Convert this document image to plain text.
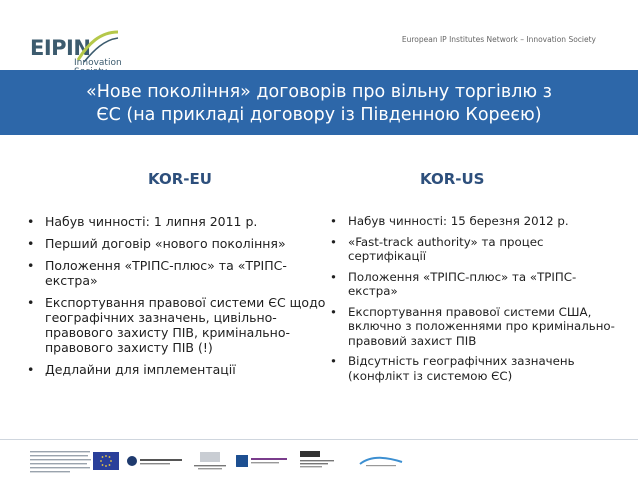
EIPIN
Innovation
European IP Institutes Network – Innovation Society
«Нове покоління» договорів про вільну торгівлю з
ЄС (на прикладі договору із Південною Кореєю)
KOR-EU	KOR-US
• Набув чинності: 1 липня 2011 р.
• Перший договір «нового покоління»
• Положення «ТРІПС-плюс» та «ТРІПС-екстра»
• Експортування правової системи ЄС щодо географічних зазначень, цивільно-правового захисту ПІВ, кримінально-правового захисту ПІВ (!)
• Дедлайни для імплементації
• Набув чинності: 15 березня 2012 р.
• «Fast-track authority» та процес сертифікації
• Положення «ТРІПС-плюс» та «ТРІПС-екстра»
• Експортування правової системи США, включно з положеннями про кримінально-правовий захист ПІВ
• Відсутність географічних зазначень (конфлікт із системою ЄС)
